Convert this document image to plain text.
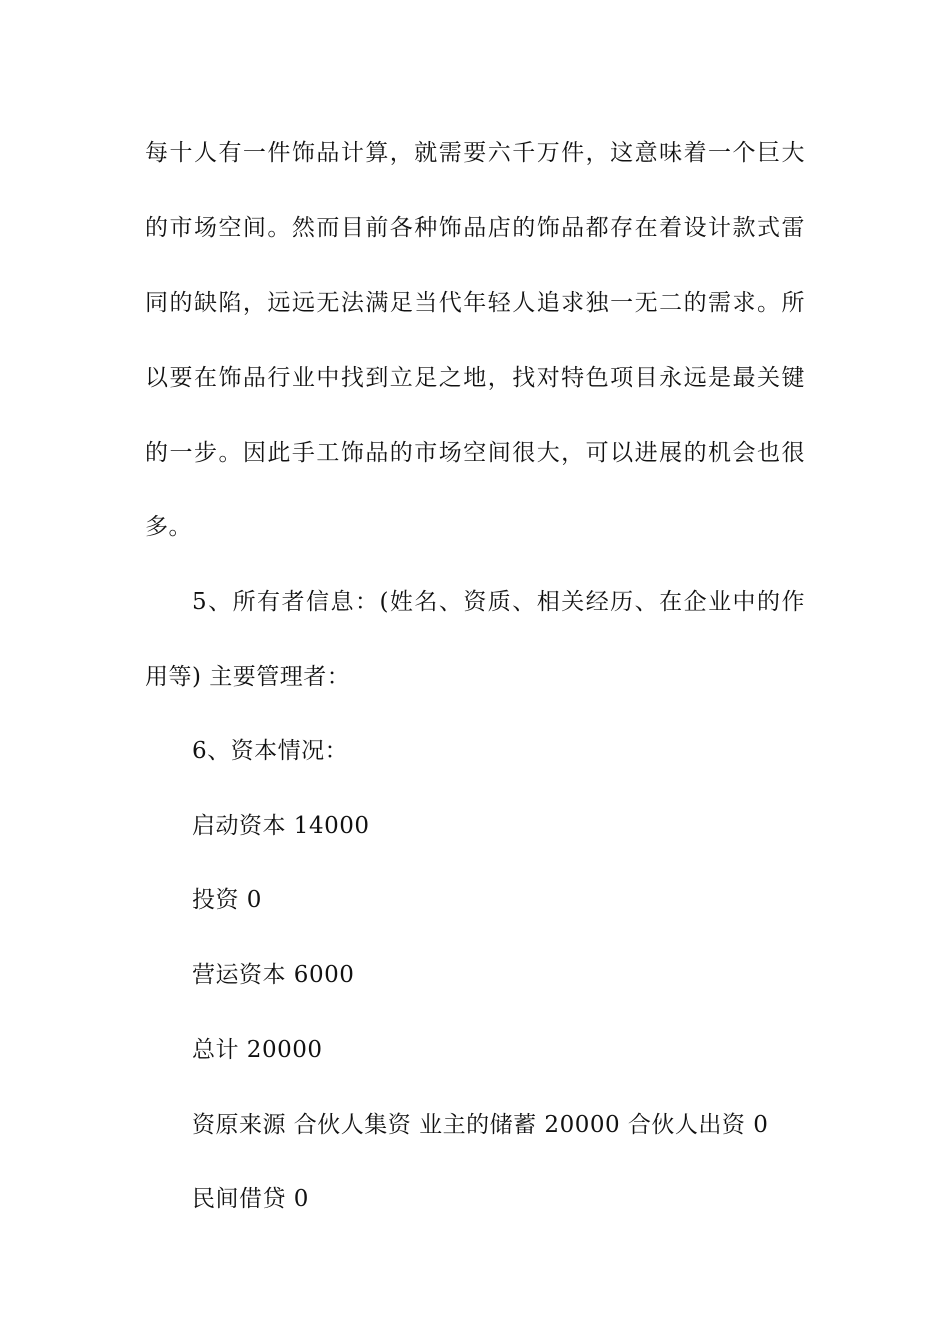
每十人有一件饰品计算，就需要六千万件，这意味着一个巨大
的市场空间。然而目前各种饰品店的饰品都存在着设计款式雷
同的缺陷，远远无法满足当代年轻人追求独一无二的需求。所
以要在饰品行业中找到立足之地，找对特色项目永远是最关键
的一步。因此手工饰品的市场空间很大，可以进展的机会也很
多。
5、所有者信息：(姓名、资质、相关经历、在企业中的作
用等) 主要管理者：
6、资本情况：
启动资本 14000
投资 0
营运资本 6000
总计 20000
资原来源 合伙人集资 业主的储蓄 20000 合伙人出资 0
民间借贷 0
